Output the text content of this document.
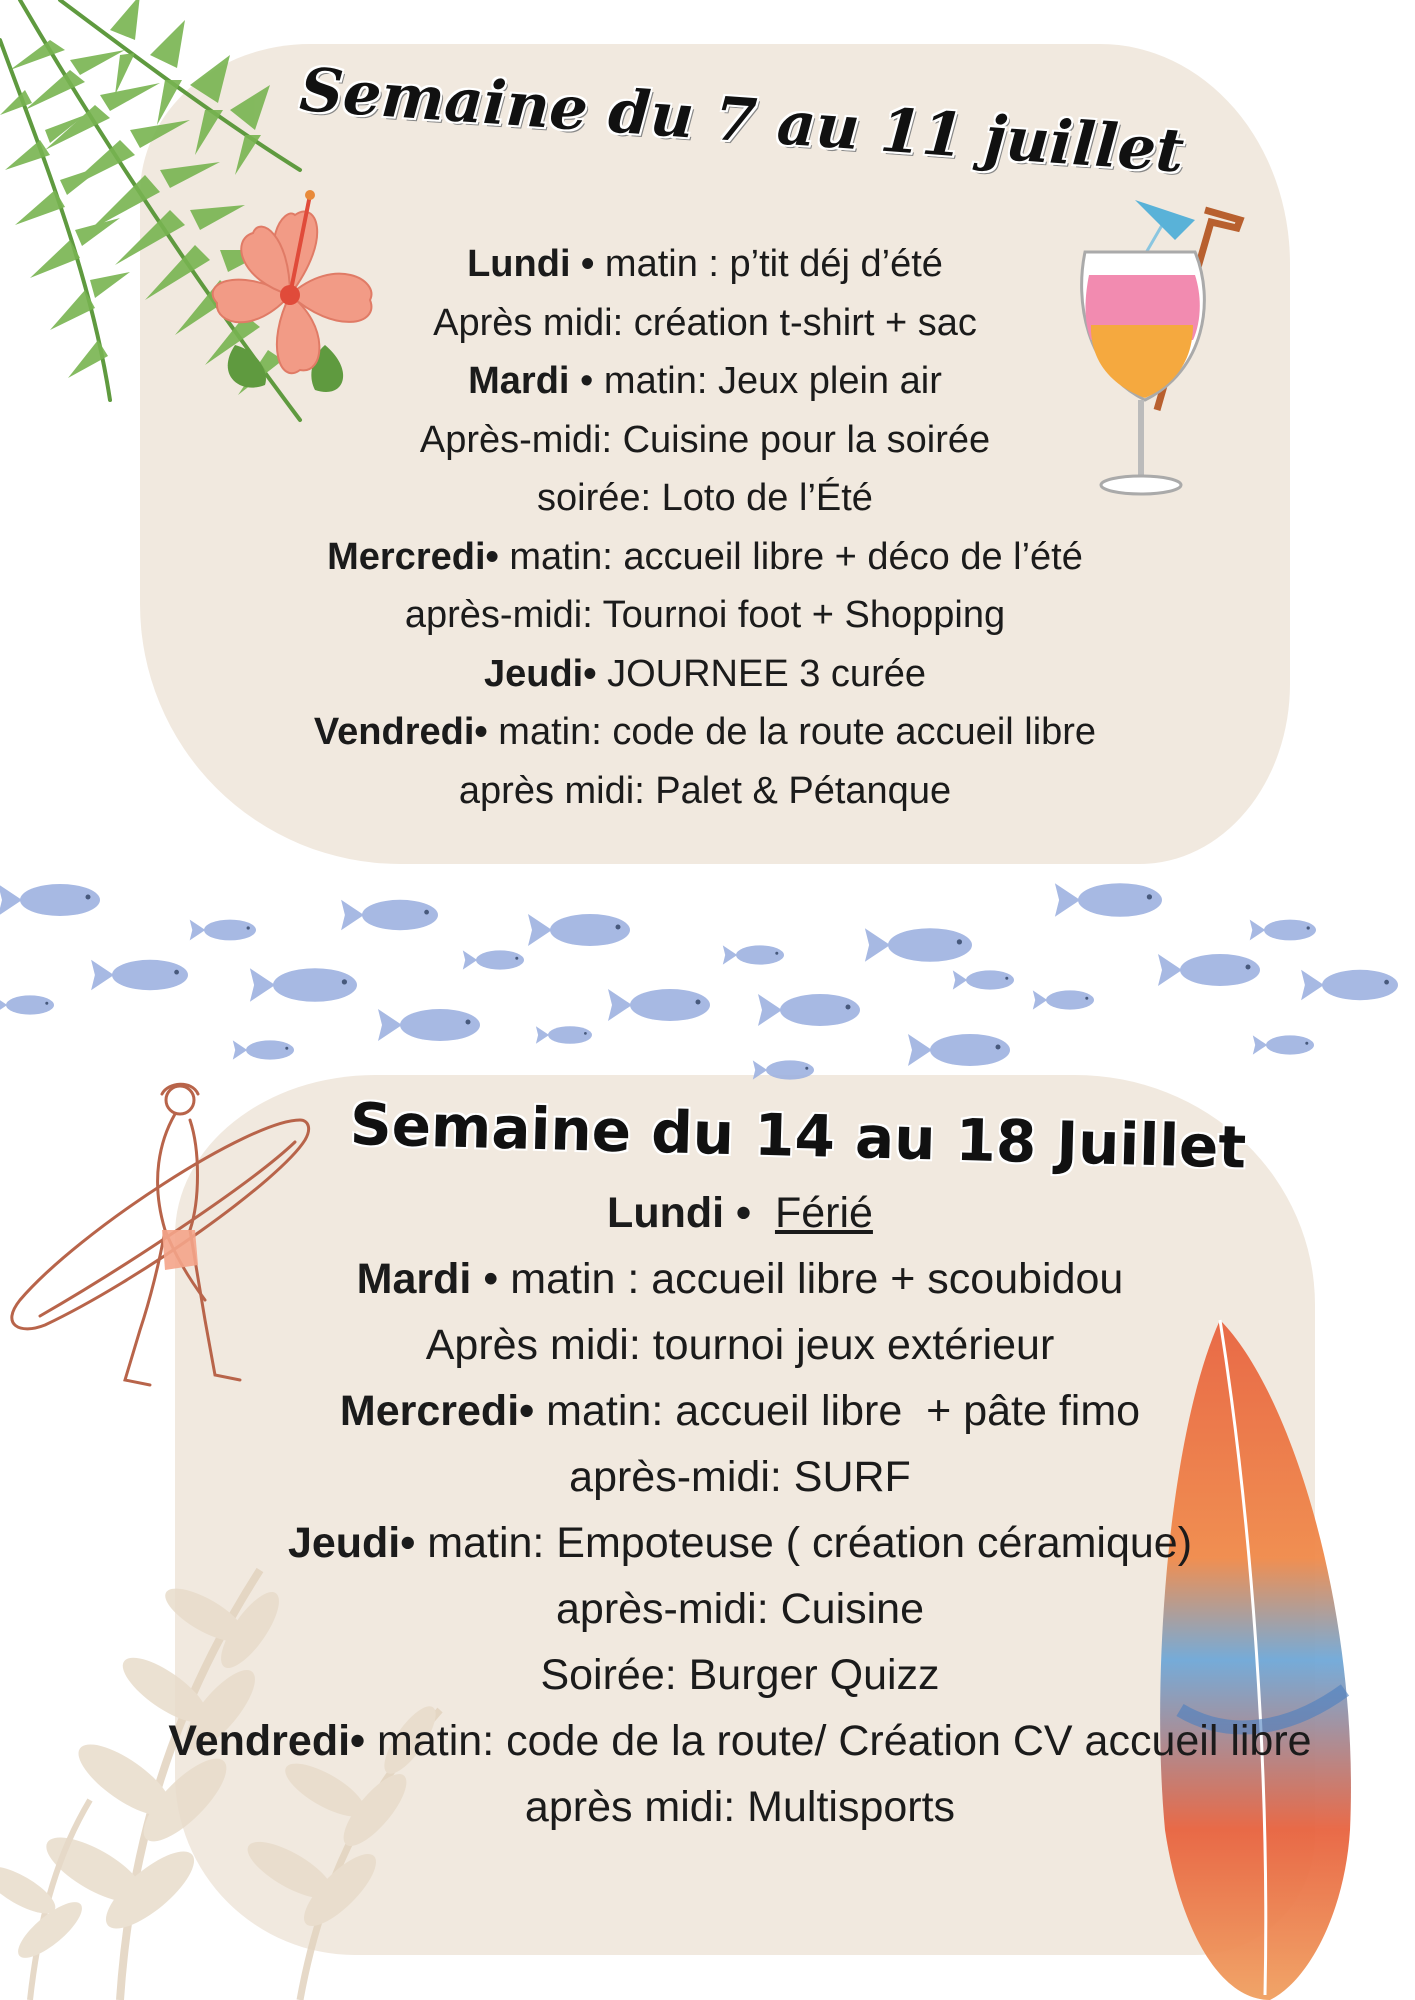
Semaine du 7 au 11 juillet
Semaine du 14 au 18 Juillet
Lundi • matin : p’tit déj d’été
Après midi: création t-shirt + sac
Mardi • matin: Jeux plein air
Après-midi: Cuisine pour la soirée
soirée: Loto de l’Été
Mercredi• matin: accueil libre + déco de l’été
après-midi: Tournoi foot + Shopping
Jeudi• JOURNEE 3 curée
Vendredi• matin: code de la route accueil libre
après midi: Palet & Pétanque
Lundi • Férié
Mardi • matin : accueil libre + scoubidou
Après midi: tournoi jeux extérieur
Mercredi• matin: accueil libre  + pâte fimo
après-midi: SURF
Jeudi• matin: Empoteuse ( création céramique)
après-midi: Cuisine
Soirée: Burger Quizz
Vendredi• matin: code de la route/ Création CV accueil libre
après midi: Multisports
